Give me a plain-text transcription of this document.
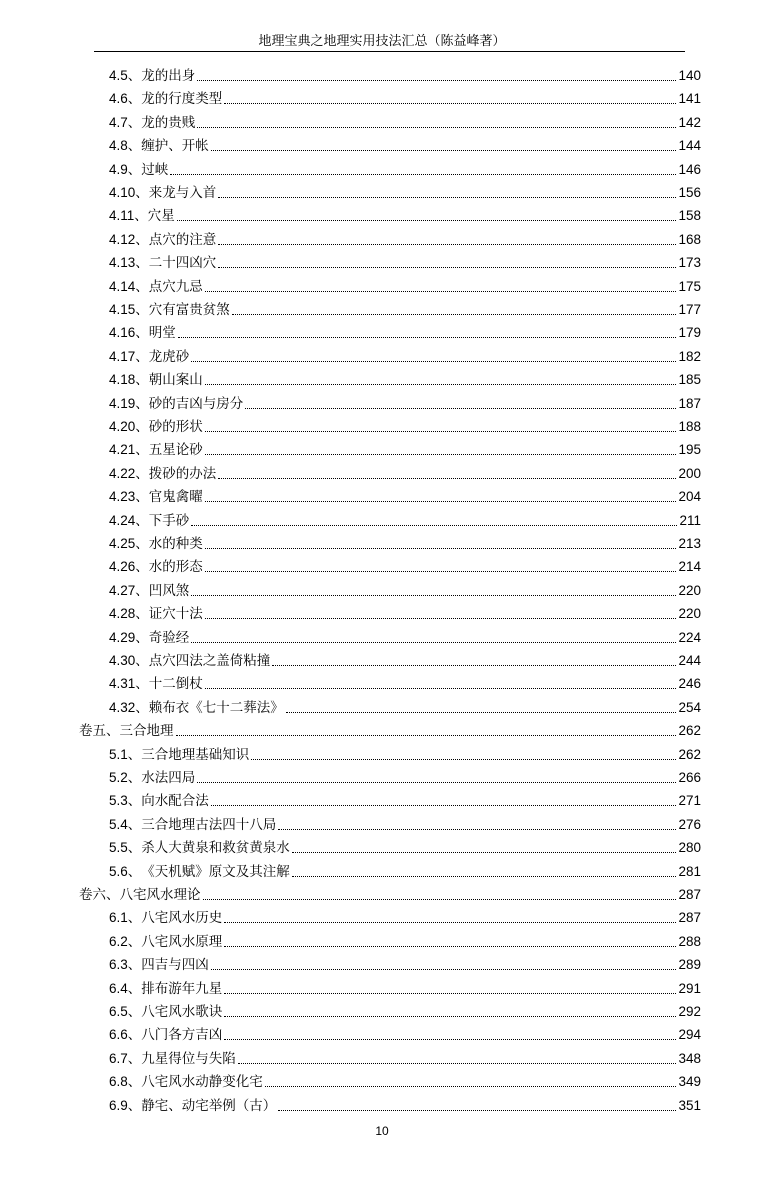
地理宝典之地理实用技法汇总（陈益峰著）
4.5、 龙的出身	140
4.6、 龙的行度类型	141
4.7、 龙的贵贱	142
4.8、 缠护、开帐	144
4.9、 过峡	146
4.10、 来龙与入首	156
4.11、 穴星	158
4.12、 点穴的注意	168
4.13、 二十四凶穴	173
4.14、 点穴九忌	175
4.15、 穴有富贵贫煞	177
4.16、 明堂	179
4.17、 龙虎砂	182
4.18、 朝山案山	185
4.19、 砂的吉凶与房分	187
4.20、 砂的形状	188
4.21、 五星论砂	195
4.22、 拨砂的办法	200
4.23、 官鬼禽曜	204
4.24、 下手砂	211
4.25、 水的种类	213
4.26、 水的形态	214
4.27、 凹风煞	220
4.28、 证穴十法	220
4.29、 奇验经	224
4.30、 点穴四法之盖倚粘撞	244
4.31、 十二倒杖	246
4.32、 赖布衣《七十二葬法》	254
卷五、三合地理	262
5.1、 三合地理基础知识	262
5.2、 水法四局	266
5.3、 向水配合法	271
5.4、 三合地理古法四十八局	276
5.5、 杀人大黄泉和救贫黄泉水	280
5.6、 《天机赋》原文及其注解	281
卷六、八宅风水理论	287
6.1、 八宅风水历史	287
6.2、 八宅风水原理	288
6.3、 四吉与四凶	289
6.4、 排布游年九星	291
6.5、 八宅风水歌诀	292
6.6、 八门各方吉凶	294
6.7、 九星得位与失陷	348
6.8、 八宅风水动静变化宅	349
6.9、 静宅、动宅举例（古）	351
10
